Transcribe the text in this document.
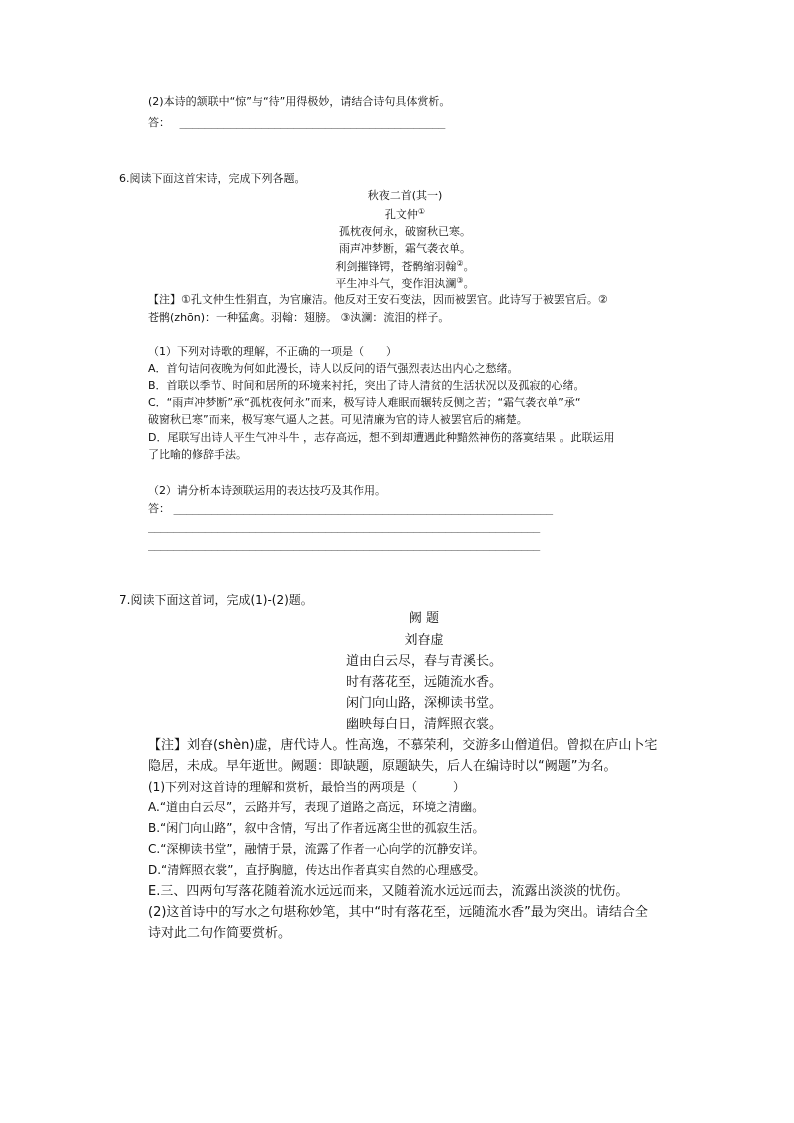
(2)本诗的颔联中“惊”与“待”用得极妙，请结合诗句具体赏析。
答： __________________________________________
6.阅读下面这首宋诗，完成下列各题。
秋夜二首(其一)
孔文仲①
孤枕夜何永，破窗秋已寒。
雨声冲梦断，霜气袭衣单。
利剑摧锋锷，苍鹘缩羽翰②。
平生冲斗气，变作泪汍澜③。
【注】①孔文仲生性狷直，为官廉洁。他反对王安石变法，因而被罢官。此诗写于被罢官后。②
苍鹘(zhōn)：一种猛禽。羽翰：翅膀。 ③汍澜：流泪的样子。
（1）下列对诗歌的理解，不正确的一项是（　　）
A．首句诘问夜晚为何如此漫长，诗人以反问的语气强烈表达出内心之愁绪。
B．首联以季节、时间和居所的环境来衬托，突出了诗人清贫的生活状况以及孤寂的心绪。
C．“雨声冲梦断”承“孤枕夜何永”而来，极写诗人难眠而辗转反侧之苦；“霜气袭衣单”承“
破窗秋已寒”而来，极写寒气逼人之甚。可见清廉为官的诗人被罢官后的痛楚。
D．尾联写出诗人平生气冲斗牛 ，志存高远，想不到却遭遇此种黯然神伤的落寞结果 。此联运用
了比喻的修辞手法。
（2）请分析本诗颈联运用的表达技巧及其作用。
答： ____________________________________________________________
______________________________________________________________
______________________________________________________________
7.阅读下面这首词，完成(1)-(2)题。
阙 题
刘昚虚
道由白云尽，春与青溪长。
时有落花至，远随流水香。
闲门向山路，深柳读书堂。
幽映每白日，清辉照衣裳。
【注】刘昚(shèn)虚，唐代诗人。性高逸，不慕荣利，交游多山僧道侣。曾拟在庐山卜宅
隐居，未成。早年逝世。阙题：即缺题，原题缺失，后人在编诗时以“阙题”为名。
(1)下列对这首诗的理解和赏析，最恰当的两项是（　　　）
A.“道由白云尽”，云路并写，表现了道路之高远，环境之清幽。
B.“闲门向山路”，叙中含情，写出了作者远离尘世的孤寂生活。
C.“深柳读书堂”，融情于景，流露了作者一心向学的沉静安详。
D.“清辉照衣裳”，直抒胸臆，传达出作者真实自然的心理感受。
E.三、四两句写落花随着流水远远而来，又随着流水远远而去，流露出淡淡的忧伤。
(2)这首诗中的写水之句堪称妙笔，其中“时有落花至，远随流水香”最为突出。请结合全
诗对此二句作简要赏析。
